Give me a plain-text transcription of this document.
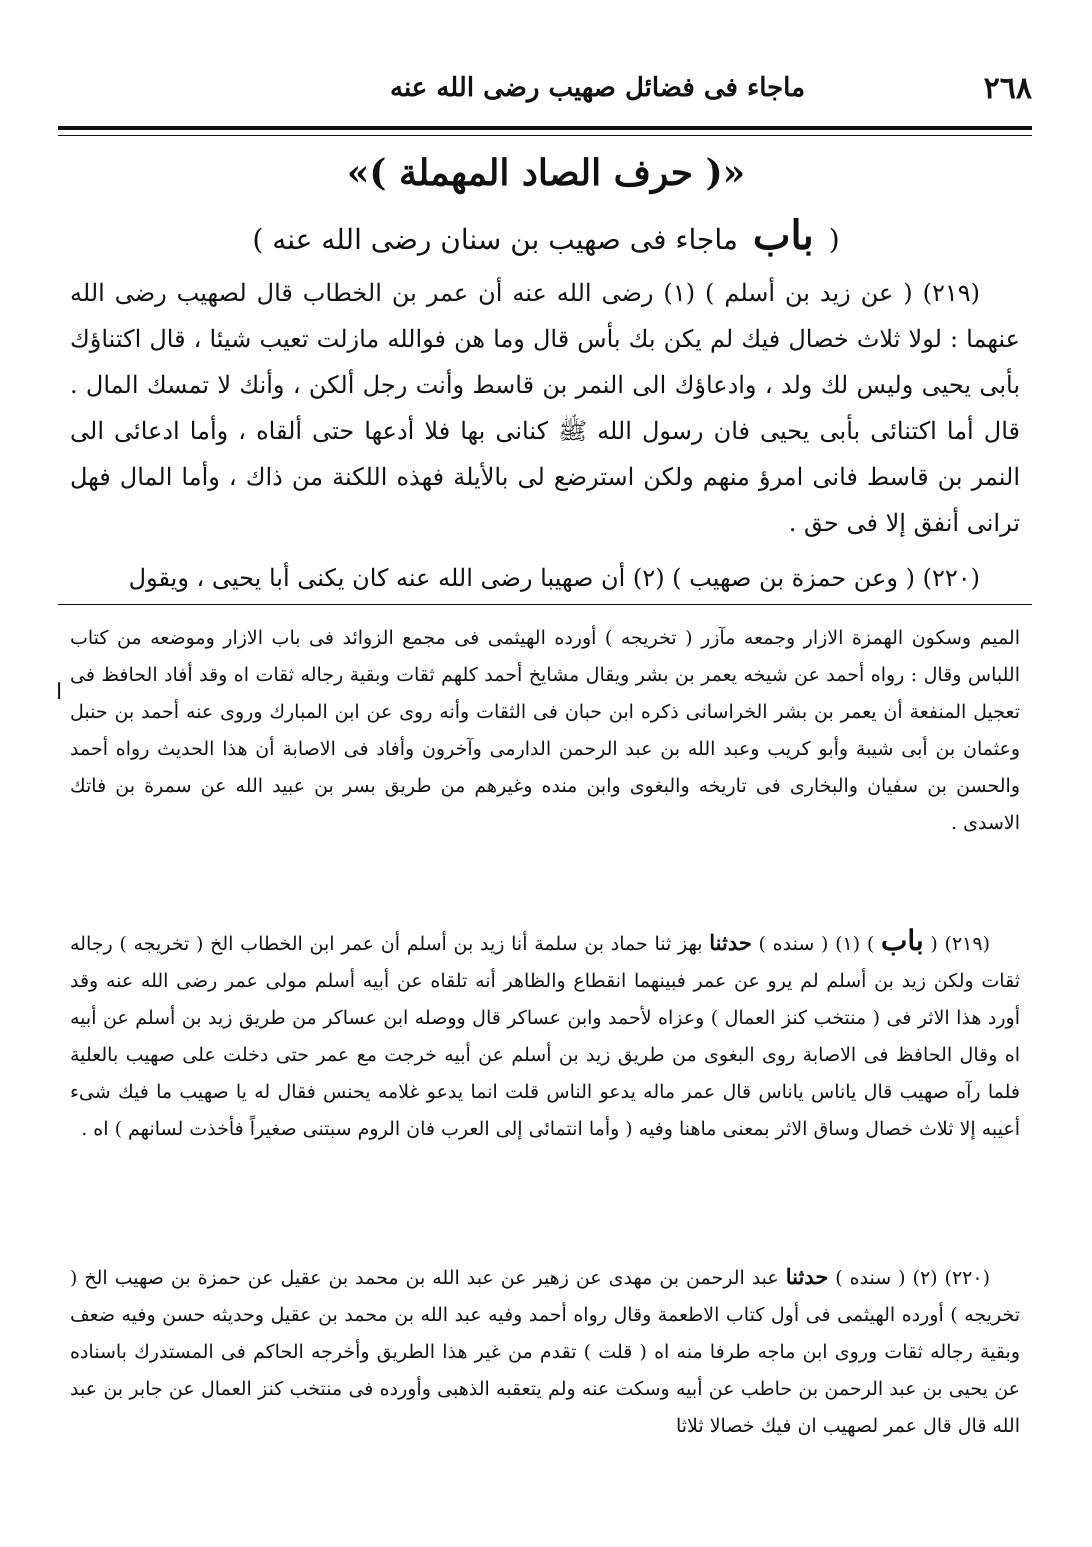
٢٦٨
ماجاء فى فضائل صهيب رضى الله عنه
«( حرف الصاد المهملة )»
( باب ماجاء فى صهيب بن سنان رضى الله عنه )

(٢١٩) ( عن زيد بن أسلم ) (١) رضى الله عنه أن عمر بن الخطاب قال لصهيب رضى الله عنهما : لولا ثلاث خصال فيك لم يكن بك بأس قال وما هن فوالله مازلت تعيب شيئا ، قال اكتناؤك بأبى يحيى وليس لك ولد ، وادعاؤك الى النمر بن قاسط وأنت رجل ألكن ، وأنك لا تمسك المال . قال أما اكتنائى بأبى يحيى فان رسول الله ﷺ كنانى بها فلا أدعها حتى ألقاه ، وأما ادعائى الى النمر بن قاسط فانى امرؤ منهم ولكن استرضع لى بالأيلة فهذه اللكنة من ذاك ، وأما المال فهل ترانى أنفق إلا فى حق .

(٢٢٠) ( وعن حمزة بن صهيب ) (٢) أن صهيبا رضى الله عنه كان يكنى أبا يحيى ، ويقول
ا

الميم وسكون الهمزة الازار وجمعه مآزر ( تخريجه ) أورده الهيثمى فى مجمع الزوائد فى باب الازار وموضعه من كتاب اللباس وقال : رواه أحمد عن شيخه يعمر بن بشر ويقال مشايخ أحمد كلهم ثقات وبقية رجاله ثقات اه وقد أفاد الحافظ فى تعجيل المنفعة أن يعمر بن بشر الخراسانى ذكره ابن حبان فى الثقات وأنه روى عن ابن المبارك وروى عنه أحمد بن حنبل وعثمان بن أبى شيبة وأبو كريب وعبد الله بن عبد الرحمن الدارمى وآخرون وأفاد فى الاصابة أن هذا الحديث رواه أحمد والحسن بن سفيان والبخارى فى تاريخه والبغوى وابن منده وغيرهم من طريق بسر بن عبيد الله عن سمرة بن فاتك الاسدى .

(٢١٩) ( باب ) (١) ( سنده ) حدثنا بهز ثنا حماد بن سلمة أنا زيد بن أسلم أن عمر ابن الخطاب الخ ( تخريجه ) رجاله ثقات ولكن زيد بن أسلم لم يرو عن عمر فبينهما انقطاع والظاهر أنه تلقاه عن أبيه أسلم مولى عمر رضى الله عنه وقد أورد هذا الاثر فى ( منتخب كنز العمال ) وعزاه لأحمد وابن عساكر قال ووصله ابن عساكر من طريق زيد بن أسلم عن أبيه اه وقال الحافظ فى الاصابة روى البغوى من طريق زيد بن أسلم عن أبيه خرجت مع عمر حتى دخلت على صهيب بالعلية فلما رآه صهيب قال ياناس ياناس قال عمر ماله يدعو الناس قلت انما يدعو غلامه يحنس فقال له يا صهيب ما فيك شىء أعيبه إلا ثلاث خصال وساق الاثر بمعنى ماهنا وفيه ( وأما انتمائى إلى العرب فان الروم سبتنى صغيراً فأخذت لسانهم ) اه .

(٢٢٠) (٢) ( سنده ) حدثنا عبد الرحمن بن مهدى عن زهير عن عبد الله بن محمد بن عقيل عن حمزة بن صهيب الخ ( تخريجه ) أورده الهيثمى فى أول كتاب الاطعمة وقال رواه أحمد وفيه عبد الله بن محمد بن عقيل وحديثه حسن وفيه ضعف وبقية رجاله ثقات وروى ابن ماجه طرفا منه اه ( قلت ) تقدم من غير هذا الطريق وأخرجه الحاكم فى المستدرك باسناده عن يحيى بن عبد الرحمن بن حاطب عن أبيه وسكت عنه ولم يتعقبه الذهبى وأورده فى منتخب كنز العمال عن جابر بن عبد الله قال قال عمر لصهيب ان فيك خصالا ثلاثا
